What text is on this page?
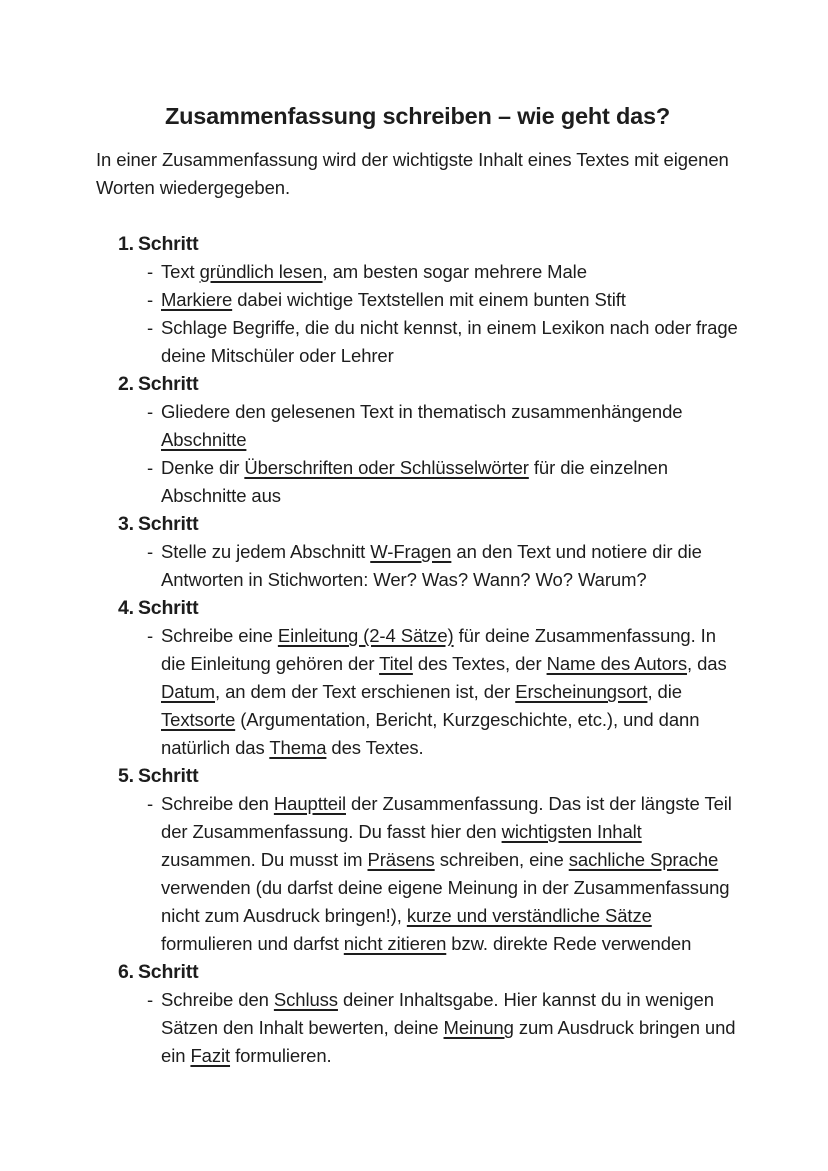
Zusammenfassung schreiben – wie geht das?

In einer Zusammenfassung wird der wichtigste Inhalt eines Textes mit eigenen Worten wiedergegeben.

1. Schritt
- Text gründlich lesen, am besten sogar mehrere Male
- Markiere dabei wichtige Textstellen mit einem bunten Stift
- Schlage Begriffe, die du nicht kennst, in einem Lexikon nach oder frage deine Mitschüler oder Lehrer
2. Schritt
- Gliedere den gelesenen Text in thematisch zusammenhängende Abschnitte
- Denke dir Überschriften oder Schlüsselwörter für die einzelnen Abschnitte aus
3. Schritt
- Stelle zu jedem Abschnitt W-Fragen an den Text und notiere dir die Antworten in Stichworten: Wer? Was? Wann? Wo? Warum?
4. Schritt
- Schreibe eine Einleitung (2-4 Sätze) für deine Zusammenfassung. In die Einleitung gehören der Titel des Textes, der Name des Autors, das Datum, an dem der Text erschienen ist, der Erscheinungsort, die Textsorte (Argumentation, Bericht, Kurzgeschichte, etc.), und dann natürlich das Thema des Textes.
5. Schritt
- Schreibe den Hauptteil der Zusammenfassung. Das ist der längste Teil der Zusammenfassung. Du fasst hier den wichtigsten Inhalt zusammen. Du musst im Präsens schreiben, eine sachliche Sprache verwenden (du darfst deine eigene Meinung in der Zusammenfassung nicht zum Ausdruck bringen!), kurze und verständliche Sätze formulieren und darfst nicht zitieren bzw. direkte Rede verwenden
6. Schritt
- Schreibe den Schluss deiner Inhaltsgabe. Hier kannst du in wenigen Sätzen den Inhalt bewerten, deine Meinung zum Ausdruck bringen und ein Fazit formulieren.
